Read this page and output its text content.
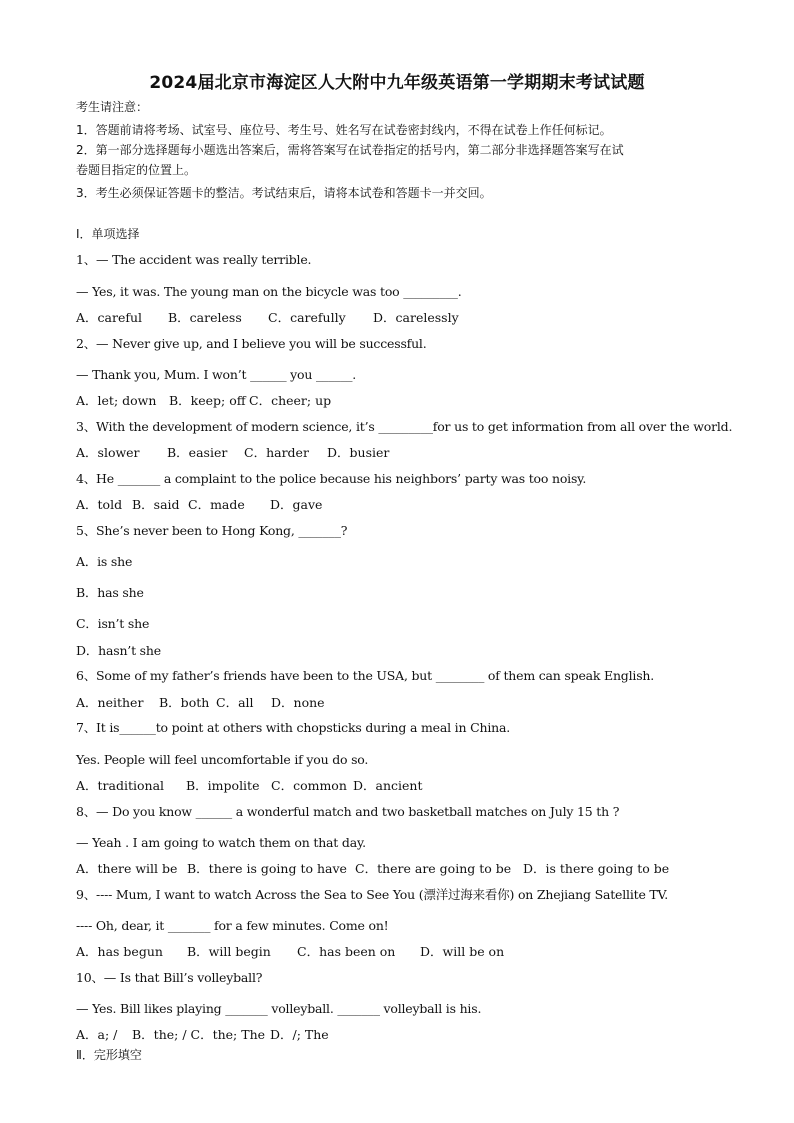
2024届北京市海淀区人大附中九年级英语第一学期期末考试试题
考生请注意：
1．答题前请将考场、试室号、座位号、考生号、姓名写在试卷密封线内，不得在试卷上作任何标记。
2．第一部分选择题每小题选出答案后，需将答案写在试卷指定的括号内，第二部分非选择题答案写在试
卷题目指定的位置上。
3．考生必须保证答题卡的整洁。考试结束后，请将本试卷和答题卡一并交回。
Ⅰ．单项选择
1、— The accident was really terrible.
— Yes, it was. The young man on the bicycle was too _________.
A．careful B．careless C．carefully D．carelessly
2、— Never give up, and I believe you will be successful.
— Thank you, Mum. I won’t ______ you ______.
A．let; down B．keep; off C．cheer; up
3、With the development of modern science, it’s _________for us to get information from all over the world.
A．slower B．easier C．harder D．busier
4、He _______ a complaint to the police because his neighbors’ party was too noisy.
A．told B．said C．made D．gave
5、She’s never been to Hong Kong, _______?
A．is she
B．has she
C．isn’t she
D．hasn’t she
6、Some of my father’s friends have been to the USA, but ________ of them can speak English.
A．neither B．both C．all D．none
7、It is______to point at others with chopsticks during a meal in China.
Yes. People will feel uncomfortable if you do so.
A．traditional B．impolite C．common D．ancient
8、— Do you know ______ a wonderful match and two basketball matches on July 15 th ?
— Yeah . I am going to watch them on that day.
A．there will be B．there is going to have C．there are going to be D．is there going to be
9、---- Mum, I want to watch Across the Sea to See You (漂洋过海来看你) on Zhejiang Satellite TV.
---- Oh, dear, it _______ for a few minutes. Come on!
A．has begun B．will begin C．has been on D．will be on
10、— Is that Bill’s volleyball?
— Yes. Bill likes playing _______ volleyball. _______ volleyball is his.
A．a; / B．the; / C．the; The D．/; The
Ⅱ．完形填空
